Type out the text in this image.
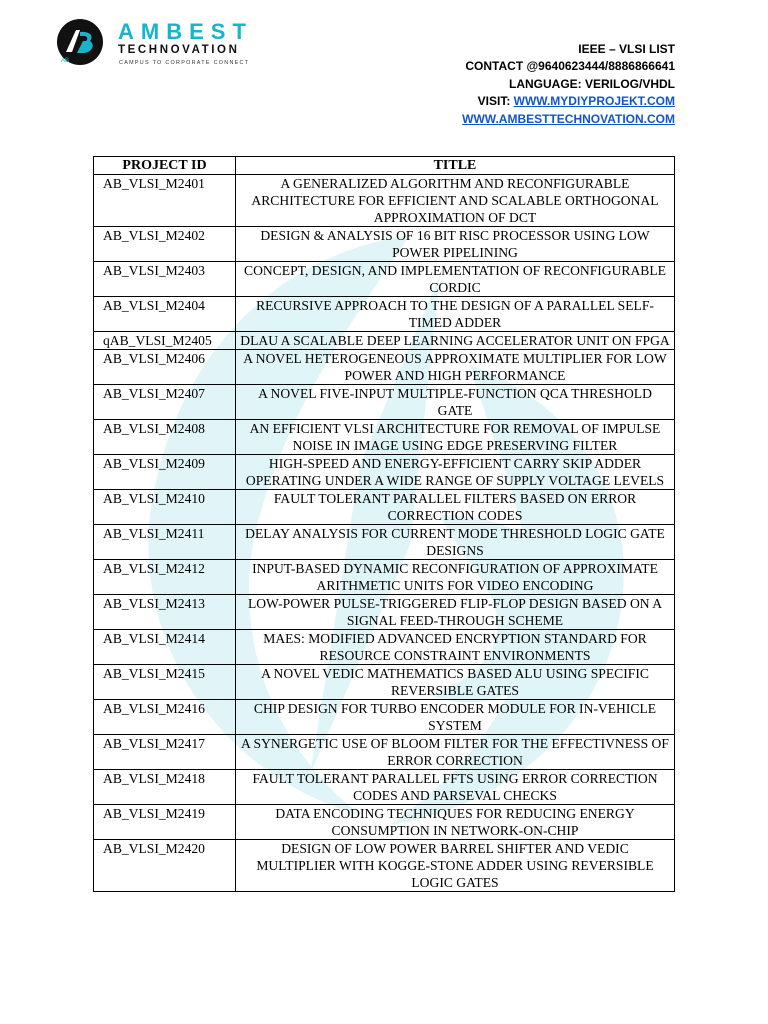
AB
AMBEST
TECHNOVATION
CAMPUS TO CORPORATE CONNECT
IEEE – VLSI LIST
CONTACT @9640623444/8886866641
LANGUAGE: VERILOG/VHDL
VISIT: WWW.MYDIYPROJEKT.COM
WWW.AMBESTTECHNOVATION.COM
PROJECT ID	TITLE
AB_VLSI_M2401	A GENERALIZED ALGORITHM AND RECONFIGURABLE ARCHITECTURE FOR EFFICIENT AND SCALABLE ORTHOGONAL APPROXIMATION OF DCT
AB_VLSI_M2402	DESIGN & ANALYSIS OF 16 BIT RISC PROCESSOR USING LOW POWER PIPELINING
AB_VLSI_M2403	CONCEPT, DESIGN, AND IMPLEMENTATION OF RECONFIGURABLE CORDIC
AB_VLSI_M2404	RECURSIVE APPROACH TO THE DESIGN OF A PARALLEL SELF-TIMED ADDER
qAB_VLSI_M2405	DLAU A SCALABLE DEEP LEARNING ACCELERATOR UNIT ON FPGA
AB_VLSI_M2406	A NOVEL HETEROGENEOUS APPROXIMATE MULTIPLIER FOR LOW POWER AND HIGH PERFORMANCE
AB_VLSI_M2407	A NOVEL FIVE-INPUT MULTIPLE-FUNCTION QCA THRESHOLD GATE
AB_VLSI_M2408	AN EFFICIENT VLSI ARCHITECTURE FOR REMOVAL OF IMPULSE NOISE IN IMAGE USING EDGE PRESERVING FILTER
AB_VLSI_M2409	HIGH-SPEED AND ENERGY-EFFICIENT CARRY SKIP ADDER OPERATING UNDER A WIDE RANGE OF SUPPLY VOLTAGE LEVELS
AB_VLSI_M2410	FAULT TOLERANT PARALLEL FILTERS BASED ON ERROR CORRECTION CODES
AB_VLSI_M2411	DELAY ANALYSIS FOR CURRENT MODE THRESHOLD LOGIC GATE DESIGNS
AB_VLSI_M2412	INPUT-BASED DYNAMIC RECONFIGURATION OF APPROXIMATE ARITHMETIC UNITS FOR VIDEO ENCODING
AB_VLSI_M2413	LOW-POWER PULSE-TRIGGERED FLIP-FLOP DESIGN BASED ON A SIGNAL FEED-THROUGH SCHEME
AB_VLSI_M2414	MAES: MODIFIED ADVANCED ENCRYPTION STANDARD FOR RESOURCE CONSTRAINT ENVIRONMENTS
AB_VLSI_M2415	A NOVEL VEDIC MATHEMATICS BASED ALU USING SPECIFIC REVERSIBLE GATES
AB_VLSI_M2416	CHIP DESIGN FOR TURBO ENCODER MODULE FOR IN-VEHICLE SYSTEM
AB_VLSI_M2417	A SYNERGETIC USE OF BLOOM FILTER FOR THE EFFECTIVNESS OF ERROR CORRECTION
AB_VLSI_M2418	FAULT TOLERANT PARALLEL FFTS USING ERROR CORRECTION CODES AND PARSEVAL CHECKS
AB_VLSI_M2419	DATA ENCODING TECHNIQUES FOR REDUCING ENERGY CONSUMPTION IN NETWORK-ON-CHIP
AB_VLSI_M2420	DESIGN OF LOW POWER BARREL SHIFTER AND VEDIC MULTIPLIER WITH KOGGE-STONE ADDER USING REVERSIBLE LOGIC GATES
